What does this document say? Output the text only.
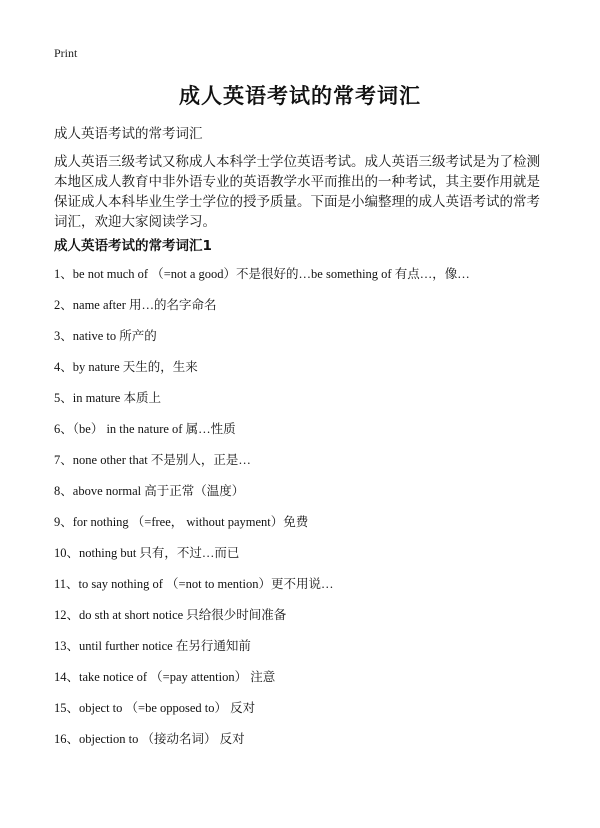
Print
成人英语考试的常考词汇
成人英语考试的常考词汇
成人英语三级考试又称成人本科学士学位英语考试。成人英语三级考试是为了检测本地区成人教育中非外语专业的英语教学水平而推出的一种考试，其主要作用就是保证成人本科毕业生学士学位的授予质量。下面是小编整理的成人英语考试的常考词汇，欢迎大家阅读学习。
成人英语考试的常考词汇1
1、be not much of （=not a good）不是很好的…be something of 有点…，像…
2、name after 用…的名字命名
3、native to 所产的
4、by nature 天生的，生来
5、in mature 本质上
6、（be） in the nature of 属…性质
7、none other that 不是别人，正是…
8、above normal 高于正常（温度）
9、for nothing （=free， without payment）免费
10、nothing but 只有，不过…而已
11、to say nothing of （=not to mention）更不用说…
12、do sth at short notice 只给很少时间准备
13、until further notice 在另行通知前
14、take notice of （=pay attention） 注意
15、object to （=be opposed to） 反对
16、objection to （接动名词） 反对
